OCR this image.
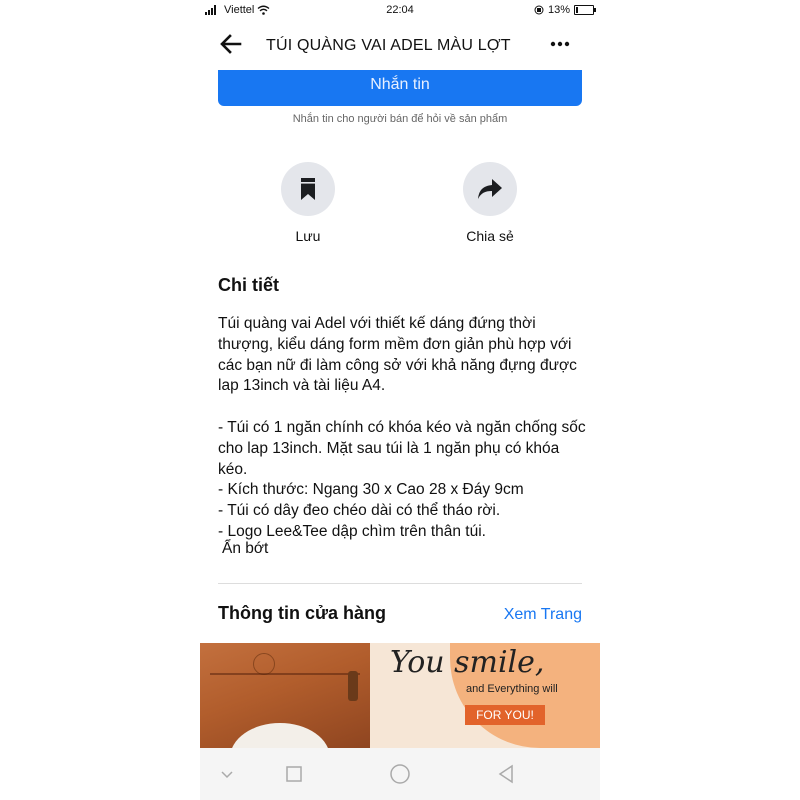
Viettel	22:04	13%
TÚI QUÀNG VAI ADEL MÀU LỢT
Nhắn tin
Nhắn tin cho người bán để hỏi về sản phẩm
Lưu	Chia sẻ
Chi tiết
Túi quàng vai Adel với thiết kế dáng đứng thời thượng, kiểu dáng form mềm đơn giản phù hợp với các bạn nữ đi làm công sở với khả năng đựng được lap 13inch và tài liệu A4.

- Túi có 1 ngăn chính có khóa kéo và ngăn chống sốc cho lap 13inch. Mặt sau túi là 1 ngăn phụ có khóa kéo.
- Kích thước: Ngang 30 x Cao 28 x Đáy 9cm
- Túi có dây đeo chéo dài có thể tháo rời.
- Logo Lee&Tee dập chìm trên thân túi.
Ẩn bớt
Thông tin cửa hàng	Xem Trang
You smile,
and Everything will
FOR YOU!
